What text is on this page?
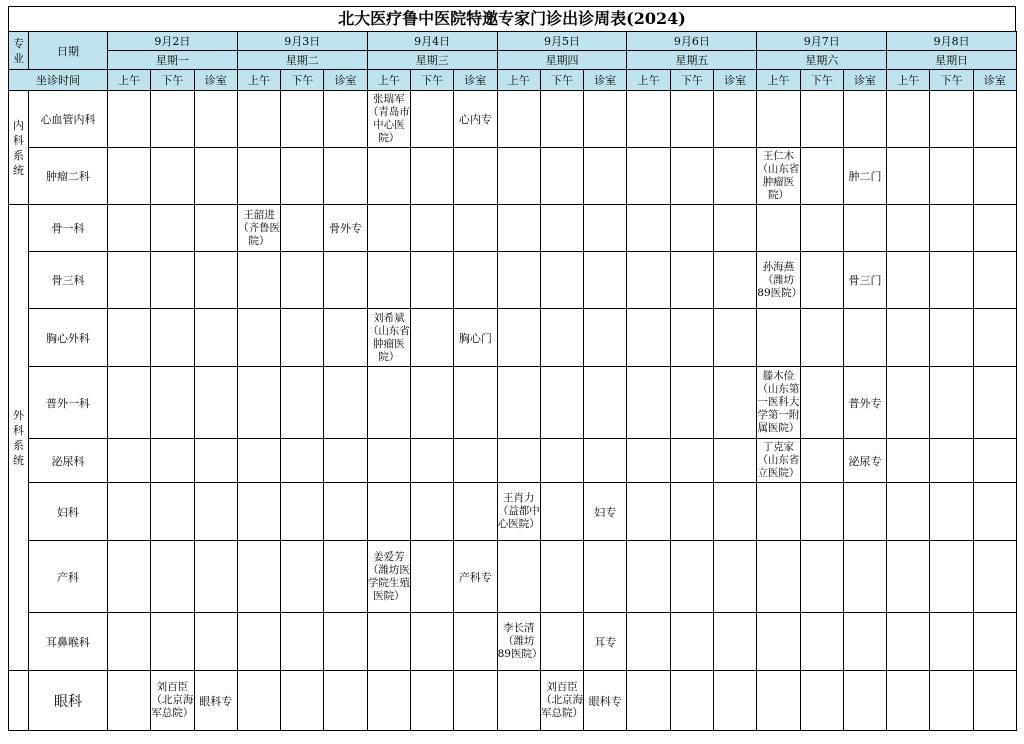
北大医疗鲁中医院特邀专家门诊出诊周表(2024)
专业	日期	9月2日			9月3日			9月4日			9月5日			9月6日			9月7日			9月8日		
		星期一			星期二			星期三			星期四			星期五			星期六			星期日		
坐诊时间		上午	下午	诊室	上午	下午	诊室	上午	下午	诊室	上午	下午	诊室	上午	下午	诊室	上午	下午	诊室	上午	下午	诊室
内科系统	心血管内科							张瑞军（青岛市中心医院）		心内专												
	肿瘤二科																王仁木（山东省肿瘤医院）		肿二门			
外科系统	骨一科				王韶进（齐鲁医院）		骨外专															
	骨三科																孙海燕（潍坊89医院）		骨三门			
	胸心外科							刘希斌（山东省肿瘤医院）		胸心门												
	普外一科																滕木俭（山东第一医科大学第一附属医院）		普外专			
	泌尿科																丁克家（山东省立医院）		泌尿专			
	妇科										王肖力（益都中心医院）		妇专									
	产科							姜爱芳（潍坊医学院生殖医院）		产科专												
	耳鼻喉科										李长清（潍坊89医院）		耳专									
	眼科		刘百臣（北京海军总院）	眼科专								刘百臣（北京海军总院）	眼科专									
